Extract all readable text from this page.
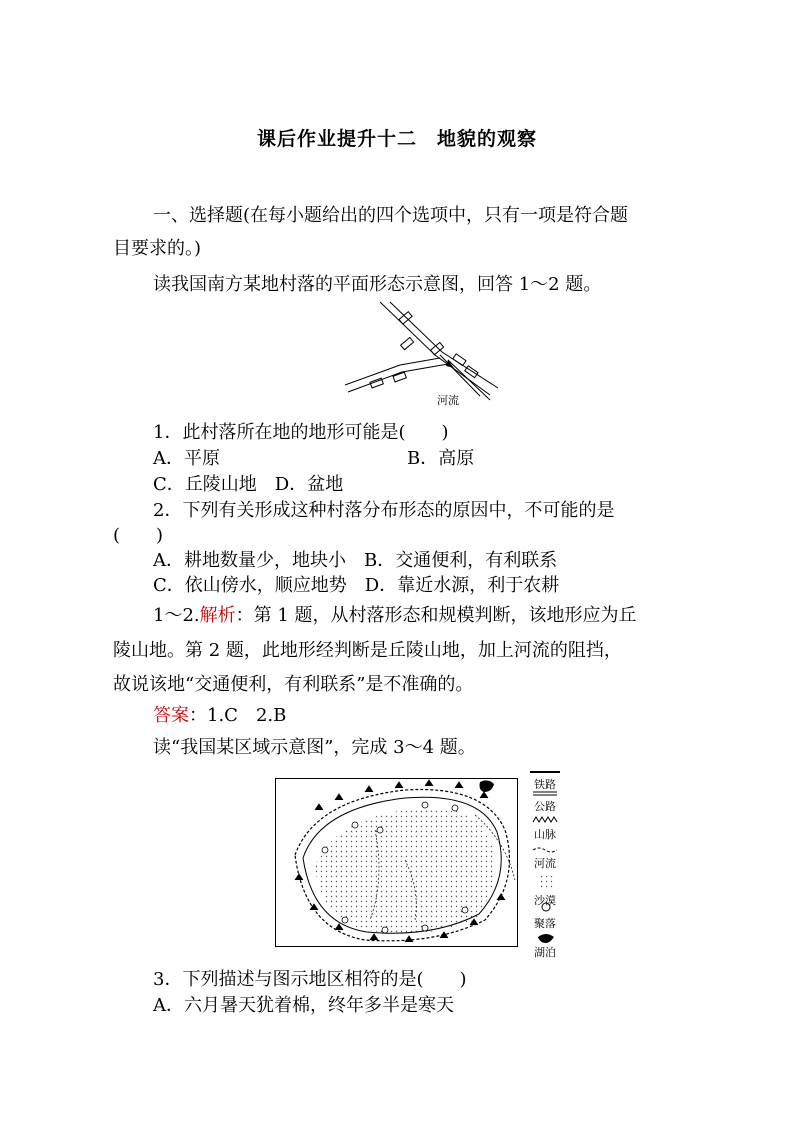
课后作业提升十二　地貌的观察
一、选择题(在每小题给出的四个选项中，只有一项是符合题
目要求的。)
读我国南方某地村落的平面形态示意图，回答 1～2 题。
河流
1．此村落所在地的地形可能是(　　)
A．平原	B．高原
C．丘陵山地　D．盆地
2．下列有关形成这种村落分布形态的原因中，不可能的是
(　　)
A．耕地数量少，地块小　B．交通便利，有利联系
C．依山傍水，顺应地势　D．靠近水源，利于农耕
1～2.解析：第 1 题，从村落形态和规模判断，该地形应为丘
陵山地。第 2 题，此地形经判断是丘陵山地，加上河流的阻挡，
故说该地“交通便利，有利联系”是不准确的。
答案：1.C　2.B
读“我国某区域示意图”，完成 3～4 题。
铁路
公路
山脉
河流
沙漠
聚落
湖泊
3．下列描述与图示地区相符的是(　　)
A．六月暑天犹着棉，终年多半是寒天
